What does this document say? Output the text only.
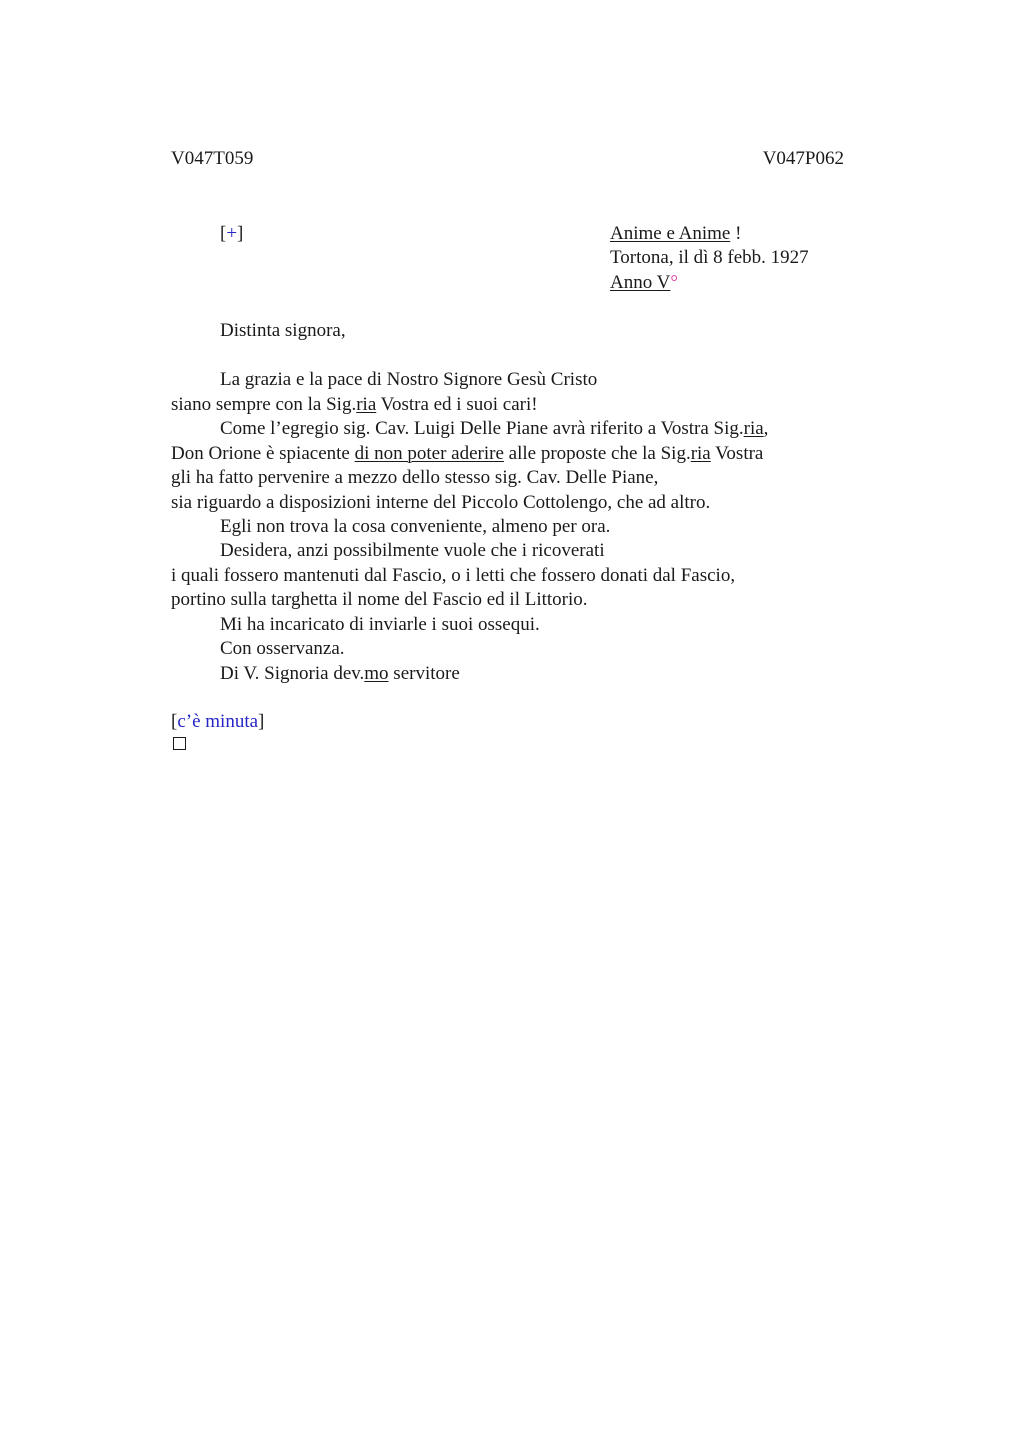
V047T059	V047P062
[+]	Anime e Anime !
Tortona, il dì 8 febb. 1927
Anno V°
Distinta signora,
La grazia e la pace di Nostro Signore Gesù Cristo
siano sempre con la Sig.ria Vostra ed i suoi cari!
Come l’egregio sig. Cav. Luigi Delle Piane avrà riferito a Vostra Sig.ria,
Don Orione è spiacente di non poter aderire alle proposte che la Sig.ria Vostra
gli ha fatto pervenire a mezzo dello stesso sig. Cav. Delle Piane,
sia riguardo a disposizioni interne del Piccolo Cottolengo, che ad altro.
Egli non trova la cosa conveniente, almeno per ora.
Desidera, anzi possibilmente vuole che i ricoverati
i quali fossero mantenuti dal Fascio, o i letti che fossero donati dal Fascio,
portino sulla targhetta il nome del Fascio ed il Littorio.
Mi ha incaricato di inviarle i suoi ossequi.
Con osservanza.
Di V. Signoria dev.mo servitore
[c’è minuta]
